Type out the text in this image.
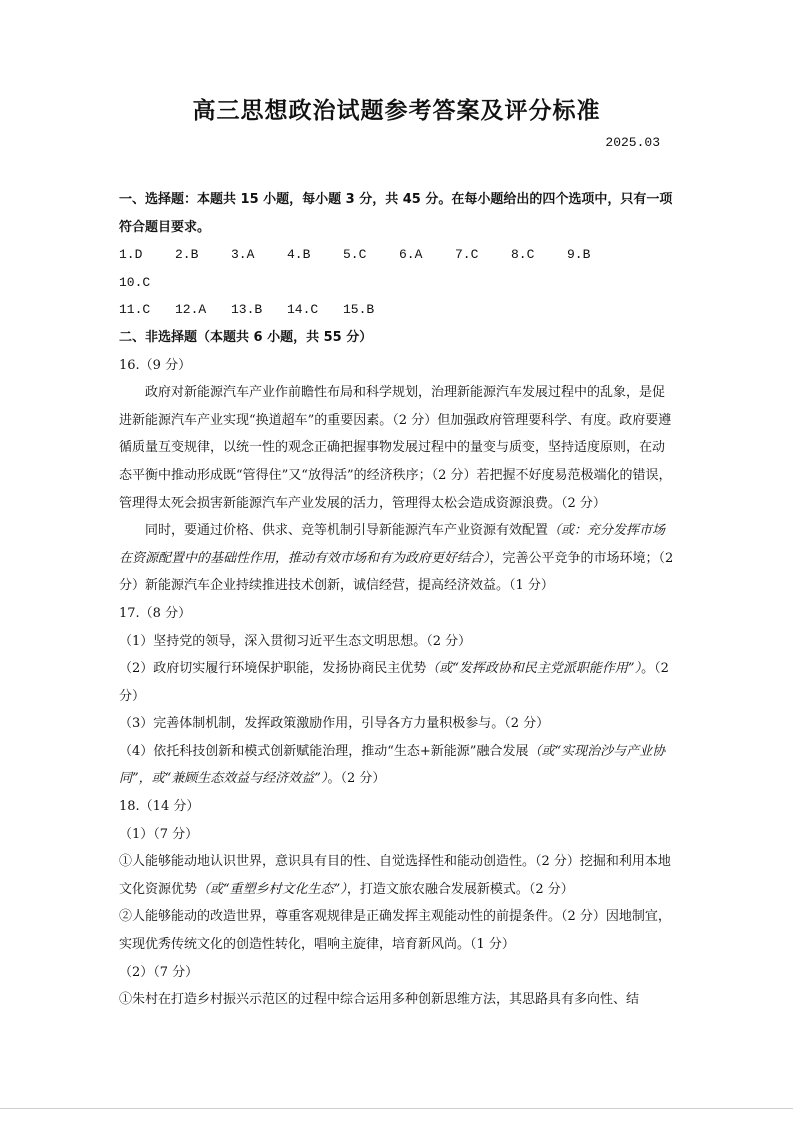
高三思想政治试题参考答案及评分标准
2025.03

一、选择题：本题共 15 小题，每小题 3 分，共 45 分。在每小题给出的四个选项中，只有一项符合题目要求。

1.D	2.B	3.A	4.B	5.C	6.A	7.C	8.C	9.B
10.C
11.C	12.A	13.B	14.C	15.B

二、非选择题（本题共 6 小题，共 55 分）

16.（9 分）

政府对新能源汽车产业作前瞻性布局和科学规划，治理新能源汽车发展过程中的乱象，是促进新能源汽车产业实现“换道超车”的重要因素。（2 分）但加强政府管理要科学、有度。政府要遵循质量互变规律，以统一性的观念正确把握事物发展过程中的量变与质变，坚持适度原则，在动态平衡中推动形成既“管得住”又“放得活”的经济秩序；（2 分）若把握不好度易范极端化的错误，管理得太死会损害新能源汽车产业发展的活力，管理得太松会造成资源浪费。（2 分）

同时，要通过价格、供求、竞等机制引导新能源汽车产业资源有效配置（或：充分发挥市场在资源配置中的基础性作用，推动有效市场和有为政府更好结合），完善公平竞争的市场环境；（2 分）新能源汽车企业持续推进技术创新，诚信经营，提高经济效益。（1 分）

17.（8 分）

（1）坚持党的领导，深入贯彻习近平生态文明思想。（2 分）

（2）政府切实履行环境保护职能，发扬协商民主优势（或“发挥政协和民主党派职能作用”）。（2 分）

（3）完善体制机制，发挥政策激励作用，引导各方力量积极参与。（2 分）

（4）依托科技创新和模式创新赋能治理，推动“生态+新能源”融合发展（或“实现治沙与产业协同”，或“兼顾生态效益与经济效益”）。（2 分）

18.（14 分）

（1）（7 分）

①人能够能动地认识世界，意识具有目的性、自觉选择性和能动创造性。（2 分）挖掘和利用本地文化资源优势（或“重塑乡村文化生态”），打造文旅农融合发展新模式。（2 分）

②人能够能动的改造世界，尊重客观规律是正确发挥主观能动性的前提条件。（2 分）因地制宜，实现优秀传统文化的创造性转化，唱响主旋律，培育新风尚。（1 分）

（2）（7 分）

①朱村在打造乡村振兴示范区的过程中综合运用多种创新思维方法，其思路具有多向性、结
